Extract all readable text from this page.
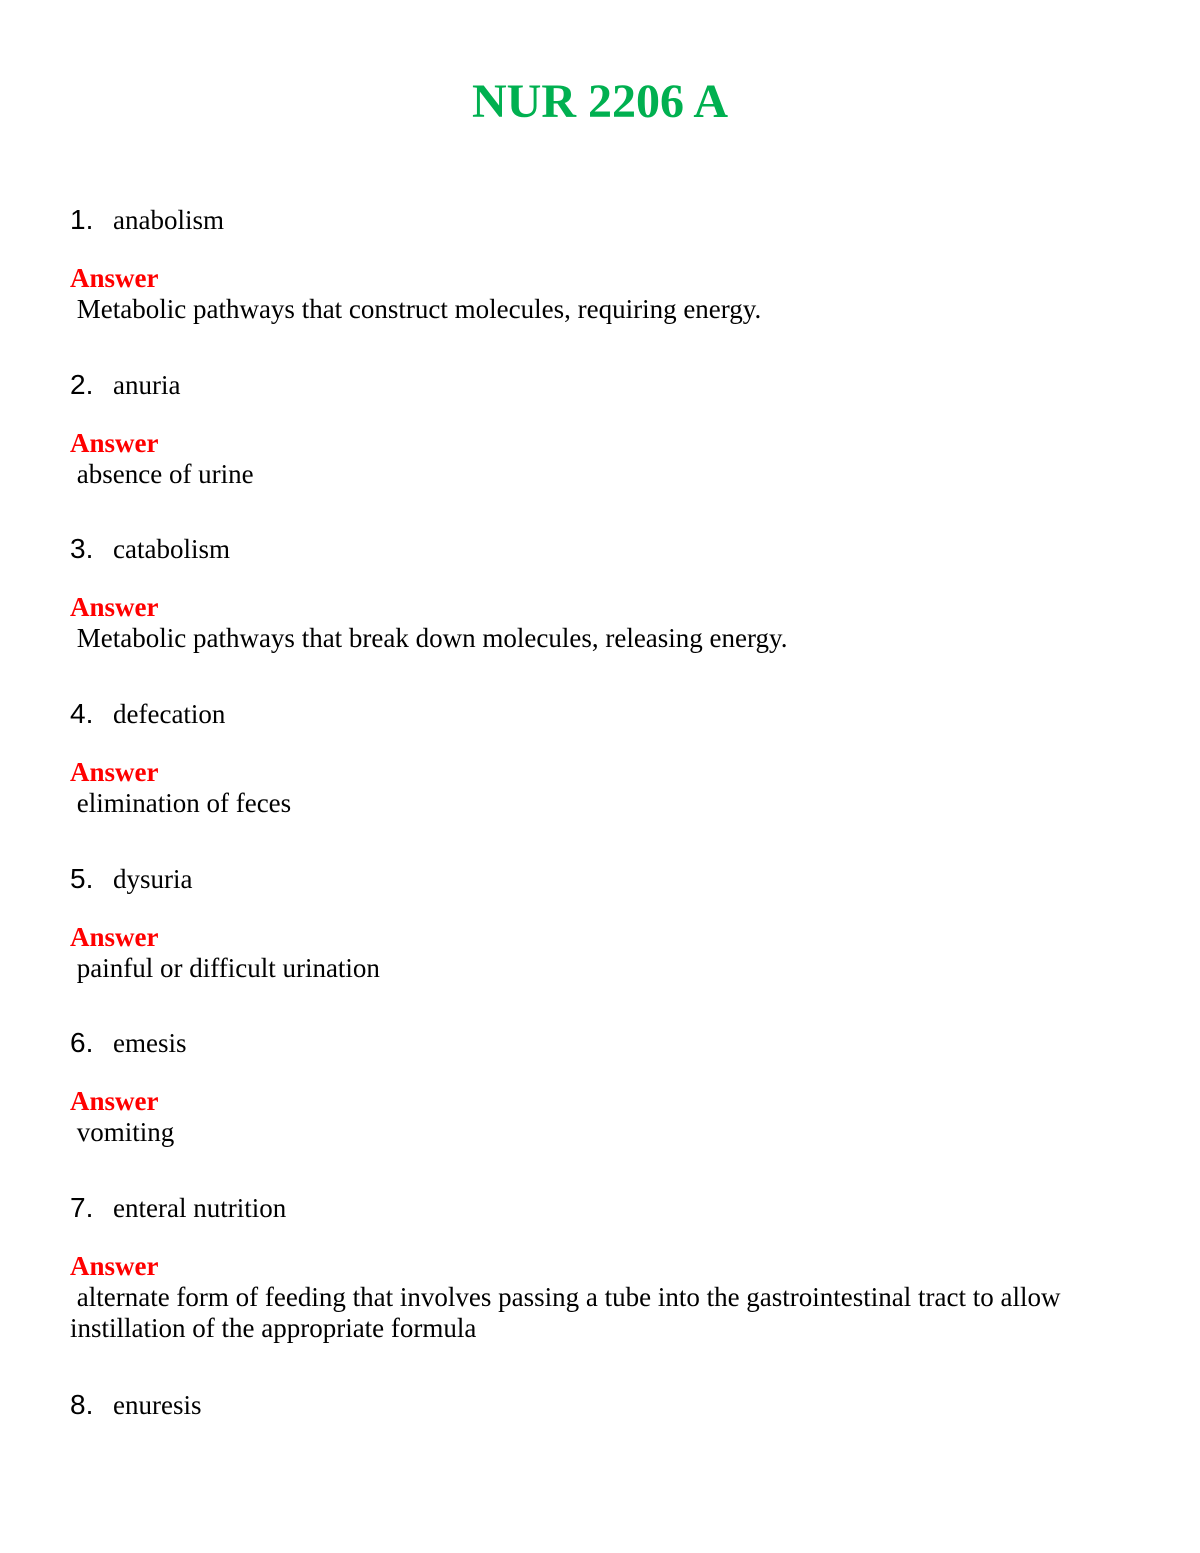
NUR 2206 A
1. anabolism
Answer
Metabolic pathways that construct molecules, requiring energy.
2. anuria
Answer
absence of urine
3. catabolism
Answer
Metabolic pathways that break down molecules, releasing energy.
4. defecation
Answer
elimination of feces
5. dysuria
Answer
painful or difficult urination
6. emesis
Answer
vomiting
7. enteral nutrition
Answer
alternate form of feeding that involves passing a tube into the gastrointestinal tract to allow instillation of the appropriate formula
8. enuresis
